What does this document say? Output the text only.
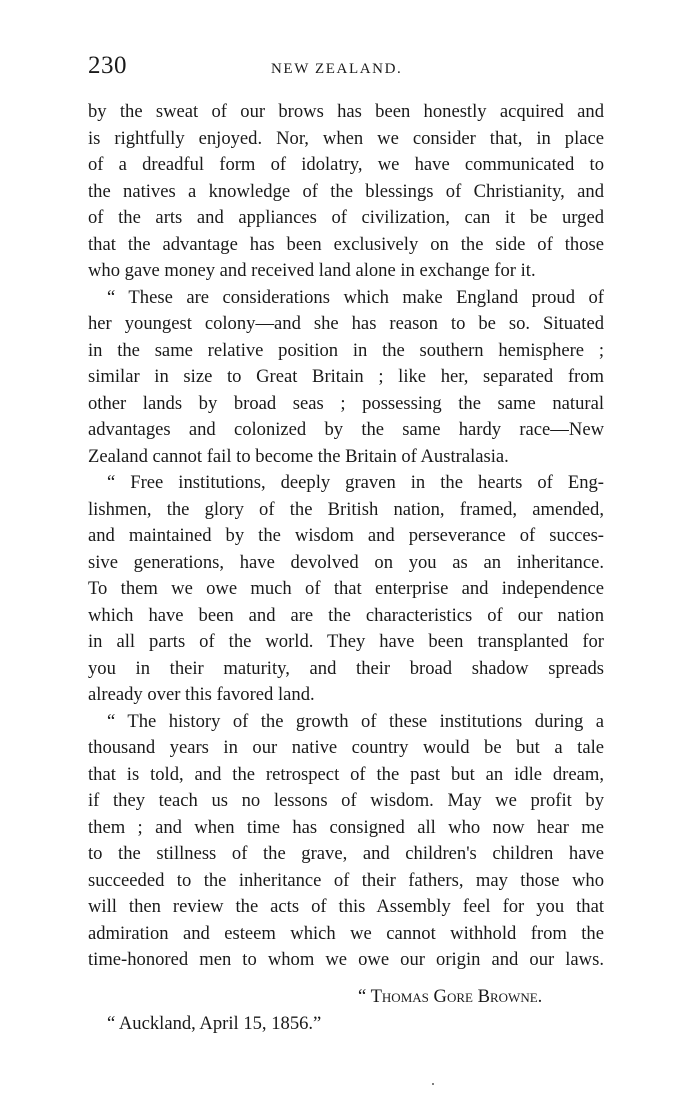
230	NEW ZEALAND.
by the sweat of our brows has been honestly acquired and
is rightfully enjoyed. Nor, when we consider that, in place
of a dreadful form of idolatry, we have communicated to
the natives a knowledge of the blessings of Christianity, and
of the arts and appliances of civilization, can it be urged
that the advantage has been exclusively on the side of those
who gave money and received land alone in exchange for it.
“ These are considerations which make England proud of
her youngest colony—and she has reason to be so. Situated
in the same relative position in the southern hemisphere ;
similar in size to Great Britain ; like her, separated from
other lands by broad seas ; possessing the same natural
advantages and colonized by the same hardy race—New
Zealand cannot fail to become the Britain of Australasia.
“ Free institutions, deeply graven in the hearts of Eng-
lishmen, the glory of the British nation, framed, amended,
and maintained by the wisdom and perseverance of succes-
sive generations, have devolved on you as an inheritance.
To them we owe much of that enterprise and independence
which have been and are the characteristics of our nation
in all parts of the world. They have been transplanted for
you in their maturity, and their broad shadow spreads
already over this favored land.
“ The history of the growth of these institutions during a
thousand years in our native country would be but a tale
that is told, and the retrospect of the past but an idle dream,
if they teach us no lessons of wisdom. May we profit by
them ; and when time has consigned all who now hear me
to the stillness of the grave, and children's children have
succeeded to the inheritance of their fathers, may those who
will then review the acts of this Assembly feel for you that
admiration and esteem which we cannot withhold from the
time-honored men to whom we owe our origin and our laws.
“ Thomas Gore Browne.
“ Auckland, April 15, 1856.”
